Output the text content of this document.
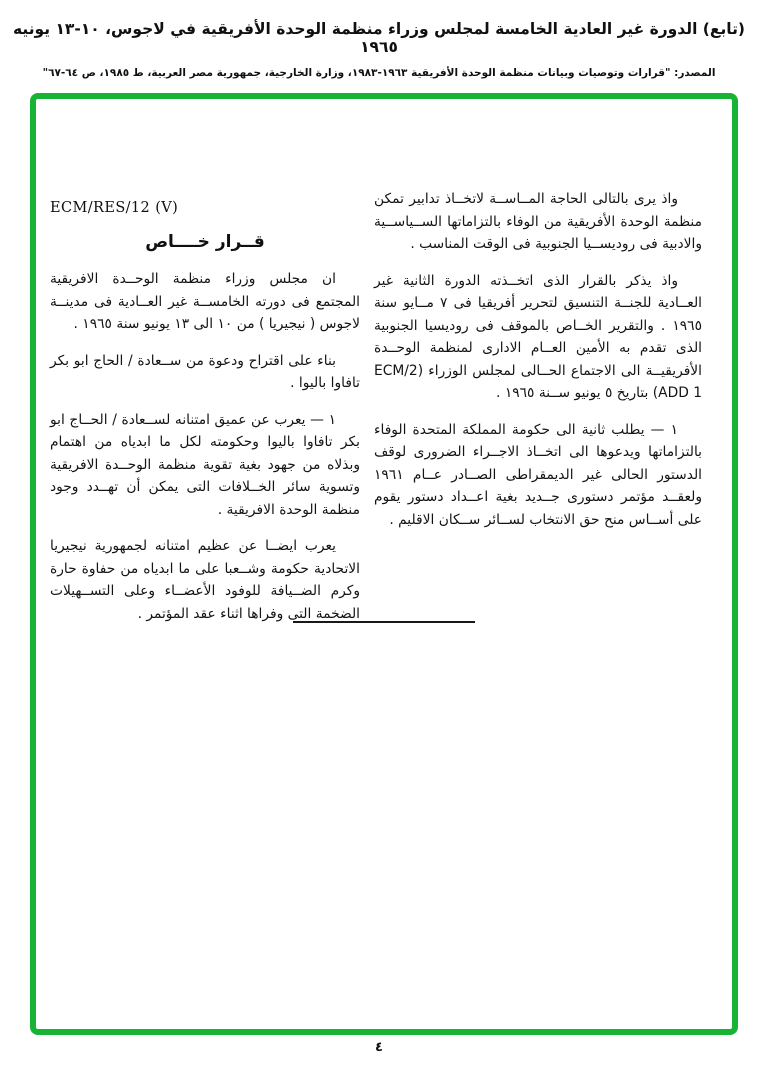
(تابع) الدورة غير العادية الخامسة لمجلس وزراء منظمة الوحدة الأفريقية في لاجوس، ١٠-١٣ يونيه ١٩٦٥
المصدر: "قرارات وتوصيات وبيانات منظمة الوحدة الأفريقية ١٩٦٣-١٩٨٣، وزارة الخارجية، جمهورية مصر العربية، ط ١٩٨٥، ص ٦٤-٦٧"

واذ يرى بالتالى الحاجة المــاســة لاتخــاذ تدابير تمكن منظمة الوحدة الأفريقية من الوفاء بالتزاماتها الســياســية والادبية فى روديســيا الجنوبية فى الوقت المناسب .

واذ يذكر بالقرار الذى اتخــذته الدورة الثانية غير العــادية للجنــة التنسيق لتحرير أفريقيا فى ٧ مــايو سنة ١٩٦٥ . والتقرير الخــاص بالموقف فى روديسيا الجنوبية الذى تقدم به الأمين العــام الادارى لمنظمة الوحــدة الأفريقيــة الى الاجتماع الحــالى لمجلس الوزراء (ECM/2 ADD 1) بتاريخ ٥ يونيو ســنة ١٩٦٥ .

١ — يطلب ثانية الى حكومة المملكة المتحدة الوفاء بالتزاماتها ويدعوها الى اتخــاذ الاجــراء الضرورى لوقف الدستور الحالى غير الديمقراطى الصــادر عــام ١٩٦١ ولعقــد مؤتمر دستورى جــديد بغية اعــداد دستور يقوم على أســاس منح حق الانتخاب لســائر ســكان الاقليم .

ECM/RES/12 (V)
قــرار خــــاص

ان مجلس وزراء منظمة الوحــدة الافريقية المجتمع فى دورته الخامســة غير العــادية فى مدينــة لاجوس ( نيجيريا ) من ١٠ الى ١٣ يونيو سنة ١٩٦٥ .

بناء على اقتراح ودعوة من ســعادة / الحاج ابو بكر تافاوا باليوا .

١ — يعرب عن عميق امتنانه لســعادة / الحــاج ابو بكر تافاوا باليوا وحكومته لكل ما ابدياه من اهتمام وبذلاه من جهود بغية تقوية منظمة الوحــدة الافريقية وتسوية سائر الخــلافات التى يمكن أن تهــدد وجود منظمة الوحدة الافريقية .

يعرب ايضــا عن عظيم امتنانه لجمهورية نيجيريا الاتحادية حكومة وشــعبا على ما ابدياه من حفاوة حارة وكرم الضــيافة للوفود الأعضــاء وعلى التســهيلات الضخمة التى وفراها اثناء عقد المؤتمر .

٤
